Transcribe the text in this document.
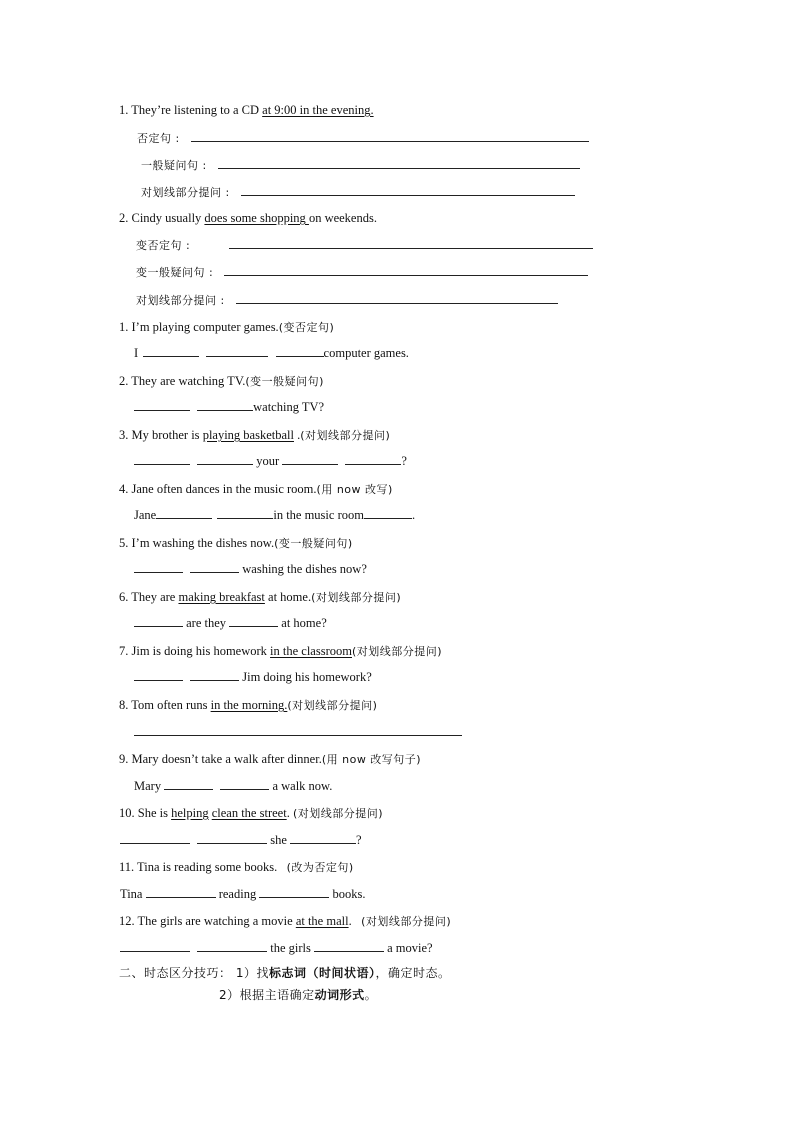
1. They’re listening to a CD at 9:00 in the evening.
否定句 :
一般疑问句 :
对划线部分提问 :
2. Cindy usually does some shopping on weekends.
变否定句 :
变一般疑问句 :
对划线部分提问 :
1. I’m playing computer games.(变否定句)
I	computer games.
2. They are watching TV.(变一般疑问句)
watching TV?
3. My brother is playing basketball .(对划线部分提问)
your	?
4. Jane often dances in the music room.(用 now 改写)
Jane	in the music room	.
5. I’m washing the dishes now.(变一般疑问句)
washing the dishes now?
6. They are making breakfast at home.(对划线部分提问)
are they	at home?
7. Jim is doing his homework in the classroom(对划线部分提问)
Jim doing his homework?
8. Tom often runs in the morning.(对划线部分提问)
9. Mary doesn’t take a walk after dinner.(用 now 改写句子)
Mary	a walk now.
10. She is helping clean the street. (对划线部分提问)
she	?
11. Tina is reading some books. (改为否定句)
Tina	reading	books.
12. The girls are watching a movie at the mall. (对划线部分提问)
the girls	a movie?
二、时态区分技巧： 1）找标志词（时间状语），确定时态。
2）根据主语确定动词形式。
